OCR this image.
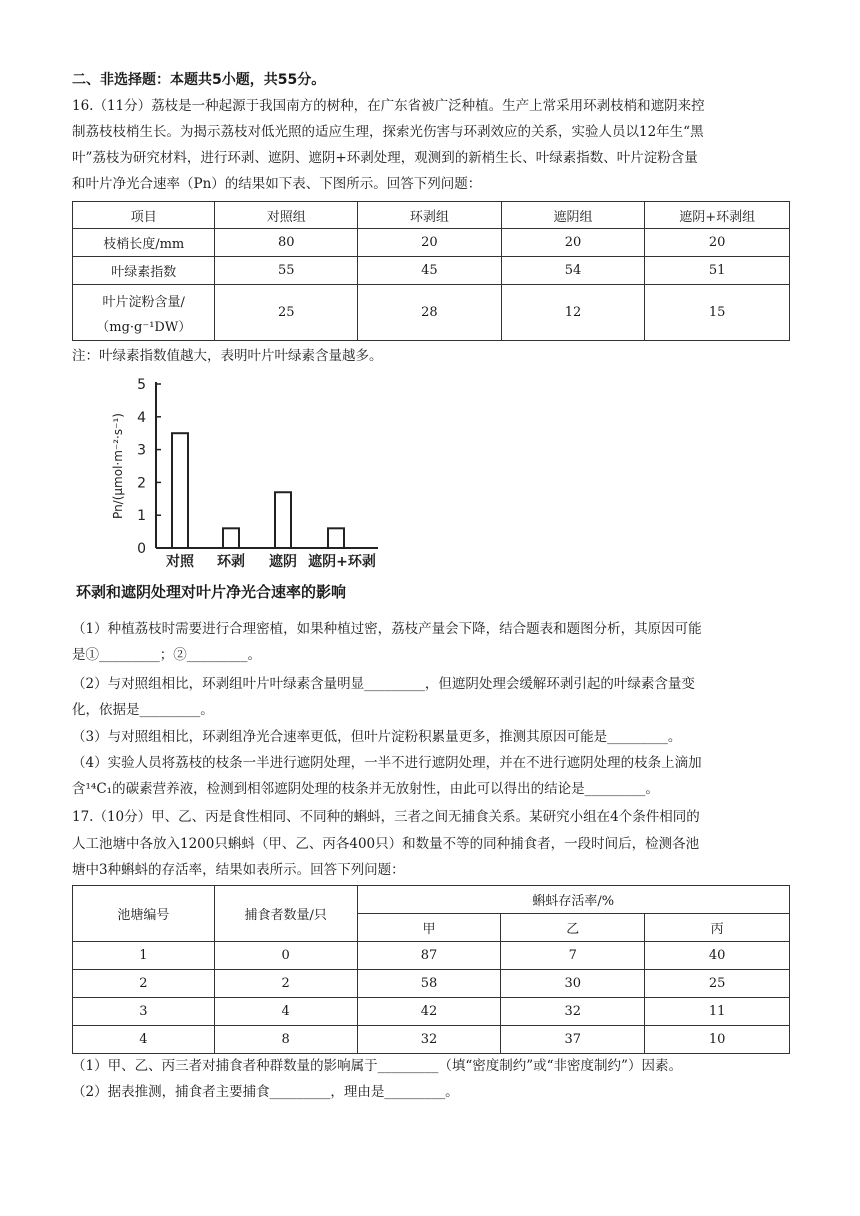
二、非选择题：本题共5小题，共55分。
16.（11分）荔枝是一种起源于我国南方的树种，在广东省被广泛种植。生产上常采用环剥枝梢和遮阴来控
制荔枝枝梢生长。为揭示荔枝对低光照的适应生理，探索光伤害与环剥效应的关系，实验人员以12年生“黑
叶”荔枝为研究材料，进行环剥、遮阴、遮阴+环剥处理，观测到的新梢生长、叶绿素指数、叶片淀粉含量
和叶片净光合速率（Pn）的结果如下表、下图所示。回答下列问题：
项目	对照组	环剥组	遮阴组	遮阴+环剥组
枝梢长度/mm	80	20	20	20
叶绿素指数	55	45	54	51

叶片淀粉含量/
（mg·g⁻¹DW）	25	28	12	15
注：叶绿素指数值越大，表明叶片叶绿素含量越多。
0
1
2
3
4
5
Pn/(μmol·m⁻²·s⁻¹)
对照 环剥 遮阴 遮阴+环剥
环剥和遮阴处理对叶片净光合速率的影响
（1）种植荔枝时需要进行合理密植，如果种植过密，荔枝产量会下降，结合题表和题图分析，其原因可能
是①_________；②_________。
（2）与对照组相比，环剥组叶片叶绿素含量明显_________，但遮阴处理会缓解环剥引起的叶绿素含量变
化，依据是_________。
（3）与对照组相比，环剥组净光合速率更低，但叶片淀粉积累量更多，推测其原因可能是_________。
（4）实验人员将荔枝的枝条一半进行遮阴处理，一半不进行遮阴处理，并在不进行遮阴处理的枝条上滴加
含¹⁴C₁的碳素营养液，检测到相邻遮阴处理的枝条并无放射性，由此可以得出的结论是_________。
17.（10分）甲、乙、丙是食性相同、不同种的蝌蚪，三者之间无捕食关系。某研究小组在4个条件相同的
人工池塘中各放入1200只蝌蚪（甲、乙、丙各400只）和数量不等的同种捕食者，一段时间后，检测各池
塘中3种蝌蚪的存活率，结果如表所示。回答下列问题：
池塘编号	捕食者数量/只	蝌蚪存活率/%		
		甲	乙	丙
1	0	87	7	40
2	2	58	30	25
3	4	42	32	11
4	8	32	37	10
（1）甲、乙、丙三者对捕食者种群数量的影响属于_________（填“密度制约”或“非密度制约”）因素。
（2）据表推测，捕食者主要捕食_________，理由是_________。
